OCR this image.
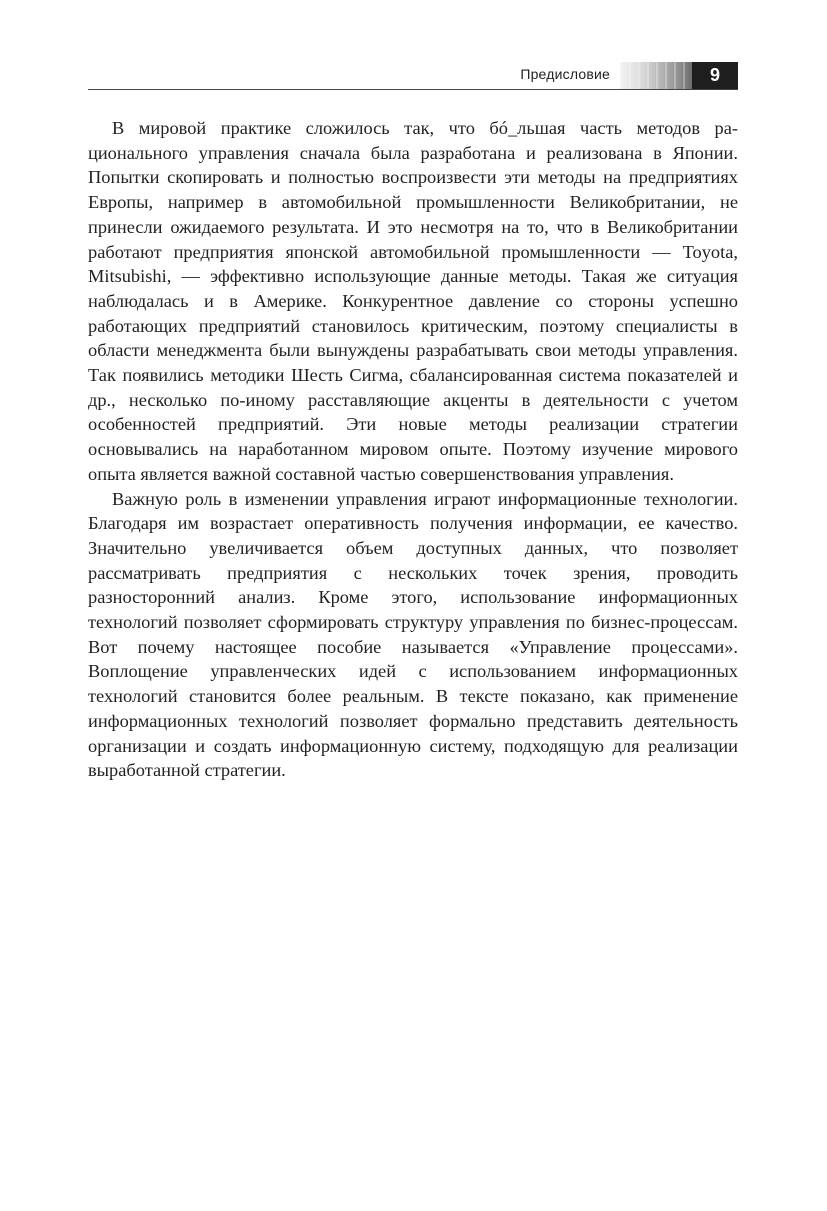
Предисловие	9

В мировой практике сложилось так, что бó_льшая часть методов рационального управления сначала была разработана и реализована в Японии. Попытки скопировать и полностью воспроизвести эти методы на предприятиях Европы, например в автомобильной промышленности Великобритании, не принесли ожидаемого результата. И это несмотря на то, что в Великобритании работают предприятия японской автомобильной промышленности — Toyota, Mitsubishi, — эффективно использующие данные методы. Такая же ситуация наблюдалась и в Америке. Конкурентное давление со стороны успешно работающих предприятий становилось критическим, поэтому специалисты в области менеджмента были вынуждены разрабатывать свои методы управления. Так появились методики Шесть Сигма, сбалансированная система показателей и др., несколько по-иному расставляющие акценты в деятельности с учетом особенностей предприятий. Эти новые методы реализации стратегии основывались на наработанном мировом опыте. Поэтому изучение мирового опыта является важной составной частью совершенствования управления.

Важную роль в изменении управления играют информационные технологии. Благодаря им возрастает оперативность получения информации, ее качество. Значительно увеличивается объем доступных данных, что позволяет рассматривать предприятия с нескольких точек зрения, проводить разносторонний анализ. Кроме этого, использование информационных технологий позволяет сформировать структуру управления по бизнес-процессам. Вот почему настоящее пособие называется «Управление процессами». Воплощение управленческих идей с использованием информационных технологий становится более реальным. В тексте показано, как применение информационных технологий позволяет формально представить деятельность организации и создать информационную систему, подходящую для реализации выработанной стратегии.
